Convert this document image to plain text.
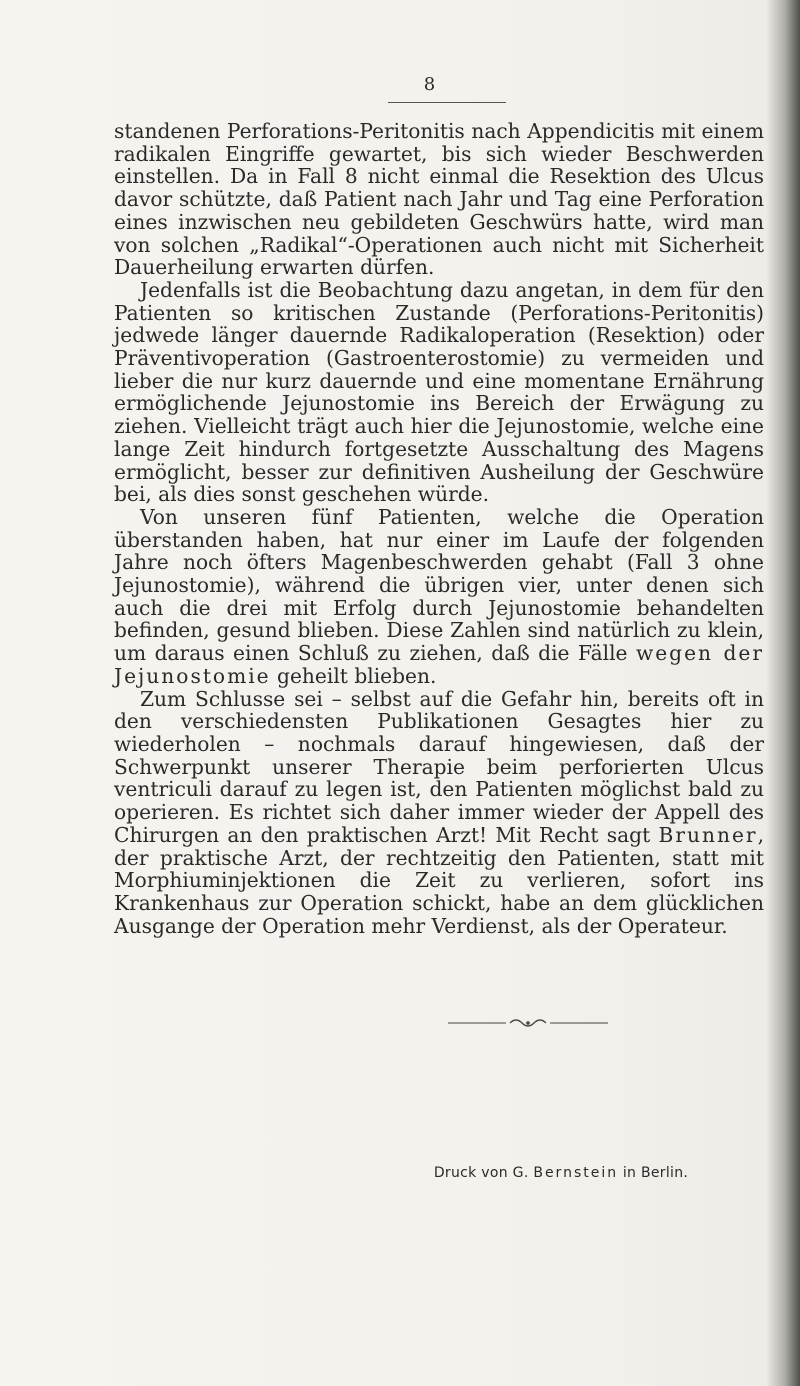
8

standenen Perforations-Peritonitis nach Appendicitis mit einem radikalen Eingriffe gewartet, bis sich wieder Beschwerden einstellen. Da in Fall 8 nicht einmal die Resektion des Ulcus davor schützte, daß Patient nach Jahr und Tag eine Perforation eines inzwischen neu gebildeten Geschwürs hatte, wird man von solchen „Radikal“-Operationen auch nicht mit Sicherheit Dauerheilung erwarten dürfen.

Jedenfalls ist die Beobachtung dazu angetan, in dem für den Patienten so kritischen Zustande (Perforations-Peritonitis) jedwede länger dauernde Radikaloperation (Resektion) oder Präventivoperation (Gastroenterostomie) zu vermeiden und lieber die nur kurz dauernde und eine momentane Ernährung ermöglichende Jejunostomie ins Bereich der Erwägung zu ziehen. Vielleicht trägt auch hier die Jejunostomie, welche eine lange Zeit hindurch fortgesetzte Ausschaltung des Magens ermöglicht, besser zur definitiven Ausheilung der Geschwüre bei, als dies sonst geschehen würde.

Von unseren fünf Patienten, welche die Operation überstanden haben, hat nur einer im Laufe der folgenden Jahre noch öfters Magenbeschwerden gehabt (Fall 3 ohne Jejunostomie), während die übrigen vier, unter denen sich auch die drei mit Erfolg durch Jejunostomie behandelten befinden, gesund blieben. Diese Zahlen sind natürlich zu klein, um daraus einen Schluß zu ziehen, daß die Fälle wegen der Jejunostomie geheilt blieben.

Zum Schlusse sei – selbst auf die Gefahr hin, bereits oft in den verschiedensten Publikationen Gesagtes hier zu wiederholen – nochmals darauf hingewiesen, daß der Schwerpunkt unserer Therapie beim perforierten Ulcus ventriculi darauf zu legen ist, den Patienten möglichst bald zu operieren. Es richtet sich daher immer wieder der Appell des Chirurgen an den praktischen Arzt! Mit Recht sagt Brunner, der praktische Arzt, der rechtzeitig den Patienten, statt mit Morphiuminjektionen die Zeit zu verlieren, sofort ins Krankenhaus zur Operation schickt, habe an dem glücklichen Ausgange der Operation mehr Verdienst, als der Operateur.

Druck von G. Bernstein in Berlin.
